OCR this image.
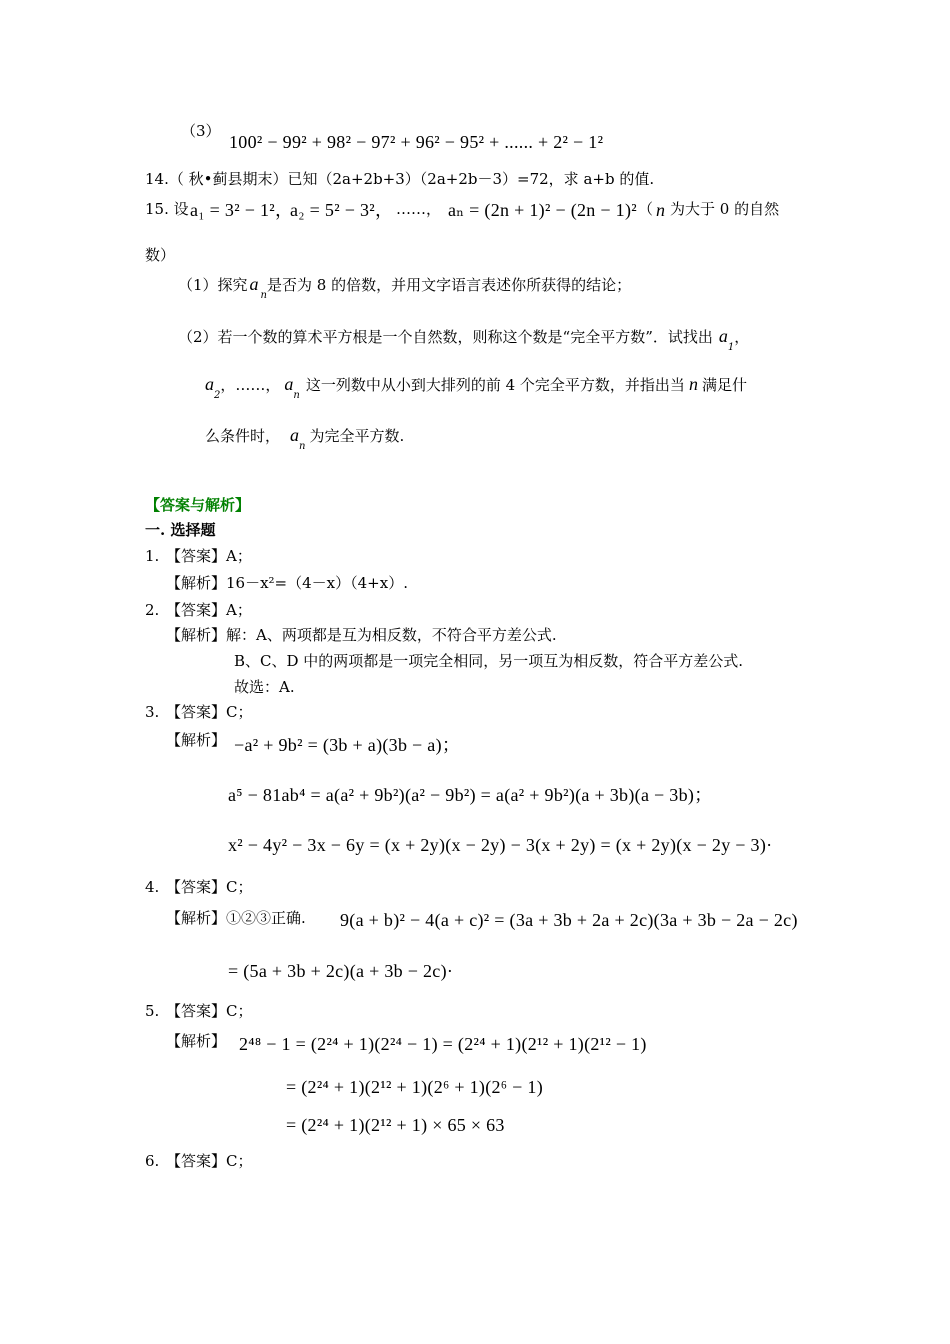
（3）
100² − 99² + 98² − 97² + 96² − 95² + ...... + 2² − 1²
14.（ 秋•蓟县期末）已知（2a+2b+3）（2a+2b－3）=72，求 a+b 的值.
15. 设 a₁ = 3² − 1²，
a₂ = 5² − 3²， ……， aₙ = (2n + 1)² − (2n − 1)² （ n 为大于 0 的自然
数）
（1）探究 $a_n$是否为 8 的倍数，并用文字语言表述你所获得的结论；
（2）若一个数的算术平方根是一个自然数，则称这个数是“完全平方数”．试找出 $a_1$，
$a_2$，……， $a_n$这一列数中从小到大排列的前 4 个完全平方数，并指出当 n 满足什
么条件时， $a_n$为完全平方数.
【答案与解析】
一. 选择题
1. 【答案】A；
【解析】16－x²=（4－x）（4+x）.
2. 【答案】A；
【解析】解：A、两项都是互为相反数，不符合平方差公式.
B、C、D 中的两项都是一项完全相同，另一项互为相反数，符合平方差公式.
故选：A.
3. 【答案】C；
【解析】 −a² + 9b² = (3b + a)(3b − a)；
a⁵ − 81ab⁴ = a(a² + 9b²)(a² − 9b²) = a(a² + 9b²)(a + 3b)(a − 3b)；
x² − 4y² − 3x − 6y = (x + 2y)(x − 2y) − 3(x + 2y) = (x + 2y)(x − 2y − 3)·
4. 【答案】C；
【解析】①②③正确. 9(a + b)² − 4(a + c)² = (3a + 3b + 2a + 2c)(3a + 3b − 2a − 2c)
= (5a + 3b + 2c)(a + 3b − 2c)·
5. 【答案】C；
【解析】 2⁴⁸ − 1 = (2²⁴ + 1)(2²⁴ − 1) = (2²⁴ + 1)(2¹² + 1)(2¹² − 1)
= (2²⁴ + 1)(2¹² + 1)(2⁶ + 1)(2⁶ − 1)
= (2²⁴ + 1)(2¹² + 1) × 65 × 63
6. 【答案】C；
